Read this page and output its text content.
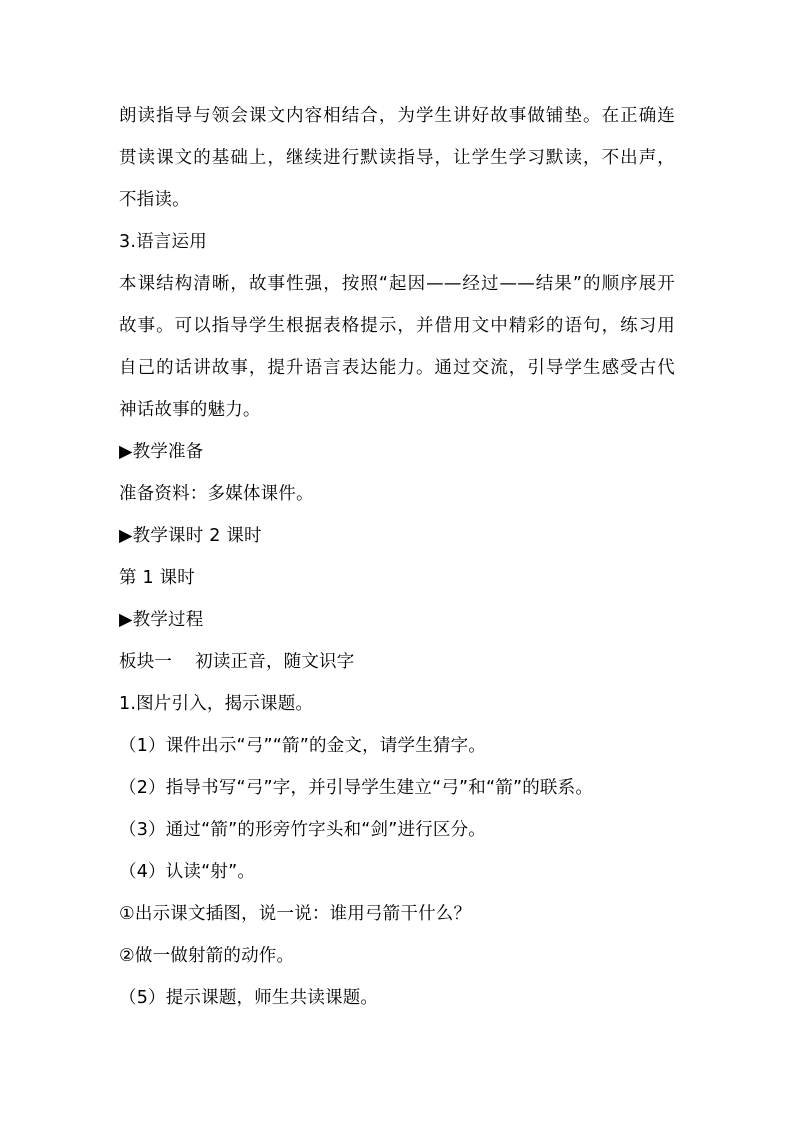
朗读指导与领会课文内容相结合，为学生讲好故事做铺垫。在正确连
贯读课文的基础上，继续进行默读指导，让学生学习默读，不出声，
不指读。
3.语言运用
本课结构清晰，故事性强，按照“起因——经过——结果”的顺序展开
故事。可以指导学生根据表格提示，并借用文中精彩的语句，练习用
自己的话讲故事，提升语言表达能力。通过交流，引导学生感受古代
神话故事的魅力。
▶教学准备
准备资料：多媒体课件。
▶教学课时 2 课时
第 1 课时
▶教学过程
板块一    初读正音，随文识字
1.图片引入，揭示课题。
（1）课件出示“弓”“箭”的金文，请学生猜字。
（2）指导书写“弓”字，并引导学生建立“弓”和“箭”的联系。
（3）通过“箭”的形旁竹字头和“剑”进行区分。
（4）认读“射”。
①出示课文插图，说一说：谁用弓箭干什么？
②做一做射箭的动作。
（5）提示课题，师生共读课题。
